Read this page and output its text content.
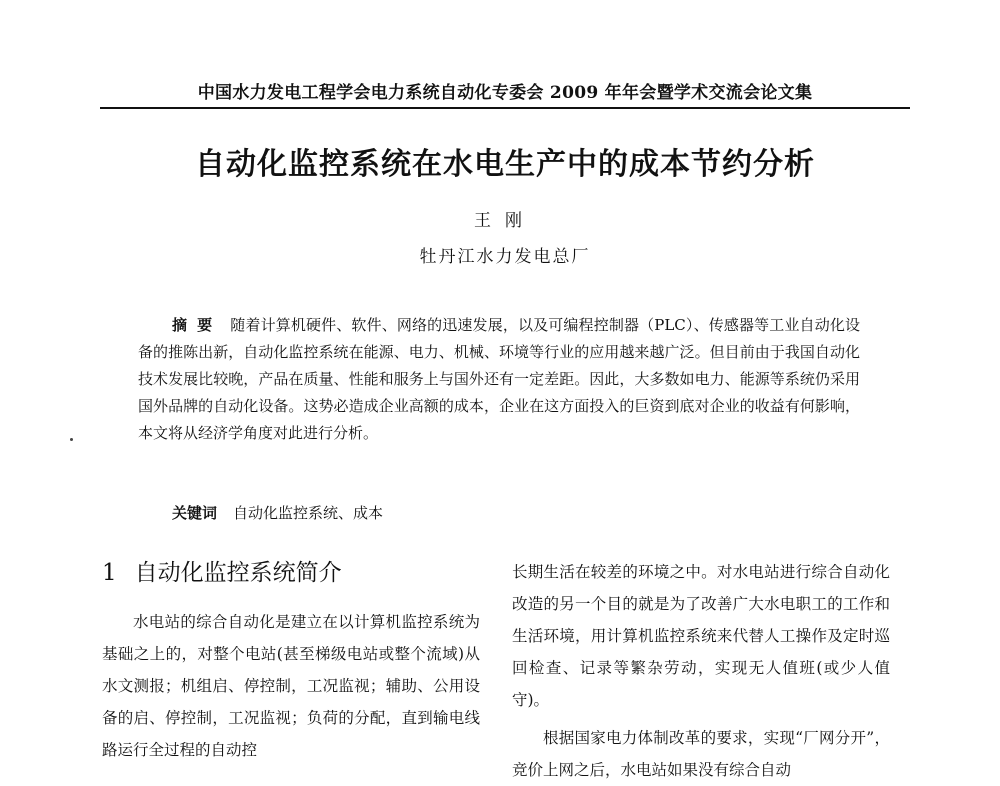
中国水力发电工程学会电力系统自动化专委会 2009 年年会暨学术交流会论文集
自动化监控系统在水电生产中的成本节约分析
王刚
牡丹江水力发电总厂
摘要 随着计算机硬件、软件、网络的迅速发展，以及可编程控制器（PLC）、传感器等工业自动化设备的推陈出新，自动化监控系统在能源、电力、机械、环境等行业的应用越来越广泛。但目前由于我国自动化技术发展比较晚，产品在质量、性能和服务上与国外还有一定差距。因此，大多数如电力、能源等系统仍采用国外品牌的自动化设备。这势必造成企业高额的成本，企业在这方面投入的巨资到底对企业的收益有何影响，本文将从经济学角度对此进行分析。
关键词 自动化监控系统、成本
1 自动化监控系统简介

水电站的综合自动化是建立在以计算机监控系统为基础之上的，对整个电站(甚至梯级电站或整个流域)从水文测报；机组启、停控制，工况监视；辅助、公用设备的启、停控制，工况监视；负荷的分配，直到输电线路运行全过程的自动控

长期生活在较差的环境之中。对水电站进行综合自动化改造的另一个目的就是为了改善广大水电职工的工作和生活环境，用计算机监控系统来代替人工操作及定时巡回检查、记录等繁杂劳动，实现无人值班(或少人值守)。

根据国家电力体制改革的要求，实现“厂网分开”，竞价上网之后，水电站如果没有综合自动
